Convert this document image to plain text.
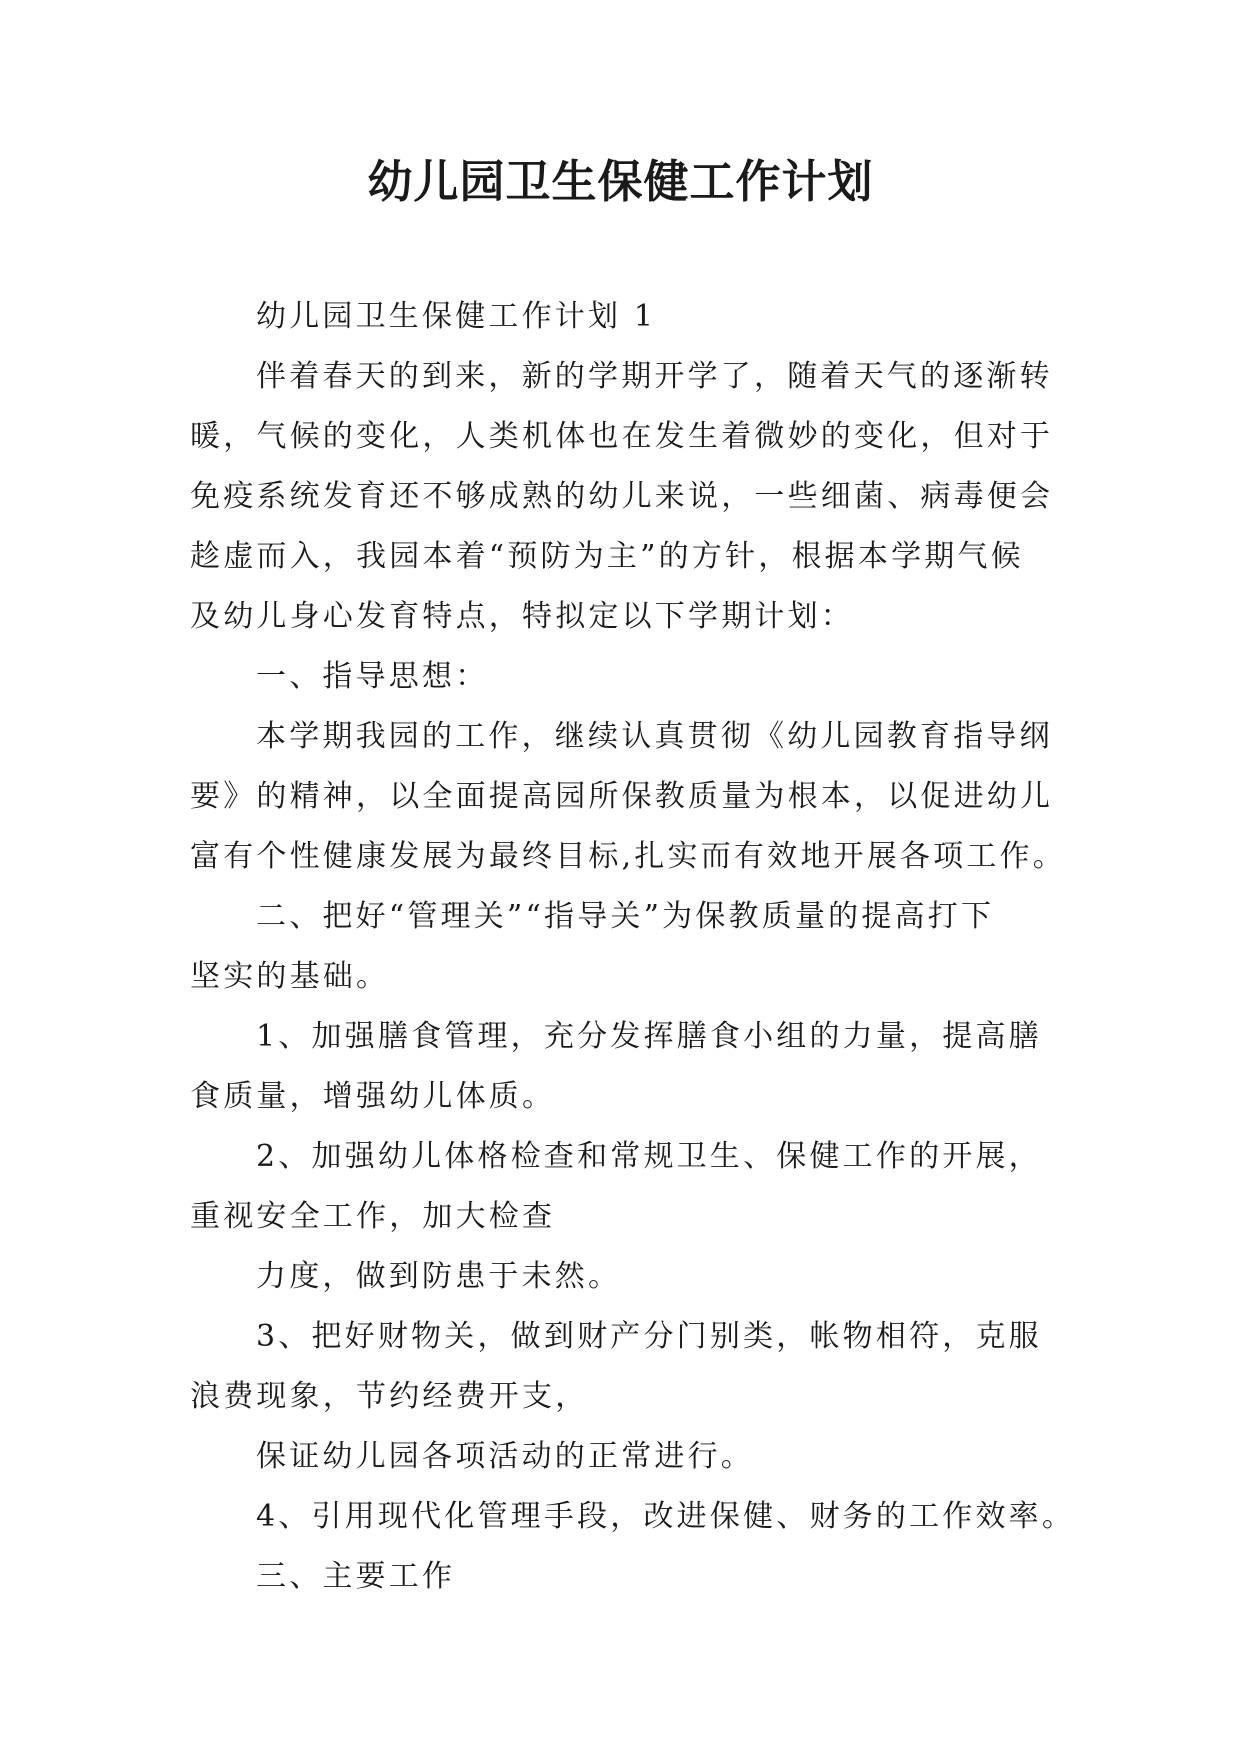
幼儿园卫生保健工作计划

幼儿园卫生保健工作计划 1

伴着春天的到来，新的学期开学了，随着天气的逐渐转

暖，气候的变化，人类机体也在发生着微妙的变化，但对于

免疫系统发育还不够成熟的幼儿来说，一些细菌、病毒便会

趁虚而入，我园本着“预防为主”的方针，根据本学期气候

及幼儿身心发育特点，特拟定以下学期计划：

一、指导思想：

本学期我园的工作，继续认真贯彻《幼儿园教育指导纲

要》的精神，以全面提高园所保教质量为根本，以促进幼儿

富有个性健康发展为最终目标,扎实而有效地开展各项工作。

二、把好“管理关”“指导关”为保教质量的提高打下

坚实的基础。

1、加强膳食管理，充分发挥膳食小组的力量，提高膳

食质量，增强幼儿体质。

2、加强幼儿体格检查和常规卫生、保健工作的开展，

重视安全工作，加大检查

力度，做到防患于未然。

3、把好财物关，做到财产分门别类，帐物相符，克服

浪费现象，节约经费开支，

保证幼儿园各项活动的正常进行。

4、引用现代化管理手段，改进保健、财务的工作效率。

三、主要工作
